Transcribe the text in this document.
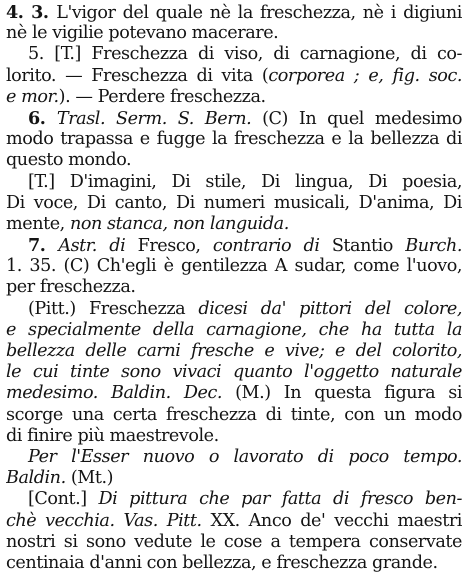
4. 3. L'vigor del quale nè la freschezza, nè i digiuni
nè le vigilie potevano macerare.
5. [T.] Freschezza di viso, di carnagione, di co-
lorito. — Freschezza di vita (corporea ; e, fig. soc.
e mor.). — Perdere freschezza.
6. Trasl. Serm. S. Bern. (C) In quel medesimo
modo trapassa e fugge la freschezza e la bellezza di
questo mondo.
[T.] D'imagini, Di stile, Di lingua, Di poesia,
Di voce, Di canto, Di numeri musicali, D'anima, Di
mente, non stanca, non languida.
7. Astr. di Fresco, contrario di Stantio Burch.
1. 35. (C) Ch'egli è gentilezza A sudar, come l'uovo,
per freschezza.
(Pitt.) Freschezza dicesi da' pittori del colore,
e specialmente della carnagione, che ha tutta la
bellezza delle carni fresche e vive; e del colorito,
le cui tinte sono vivaci quanto l'oggetto naturale
medesimo. Baldin. Dec. (M.) In questa figura si
scorge una certa freschezza di tinte, con un modo
di finire più maestrevole.
Per l'Esser nuovo o lavorato di poco tempo.
Baldin. (Mt.)
[Cont.] Di pittura che par fatta di fresco ben-
chè vecchia. Vas. Pitt. XX. Anco de' vecchi maestri
nostri si sono vedute le cose a tempera conservate
centinaia d'anni con bellezza, e freschezza grande.
